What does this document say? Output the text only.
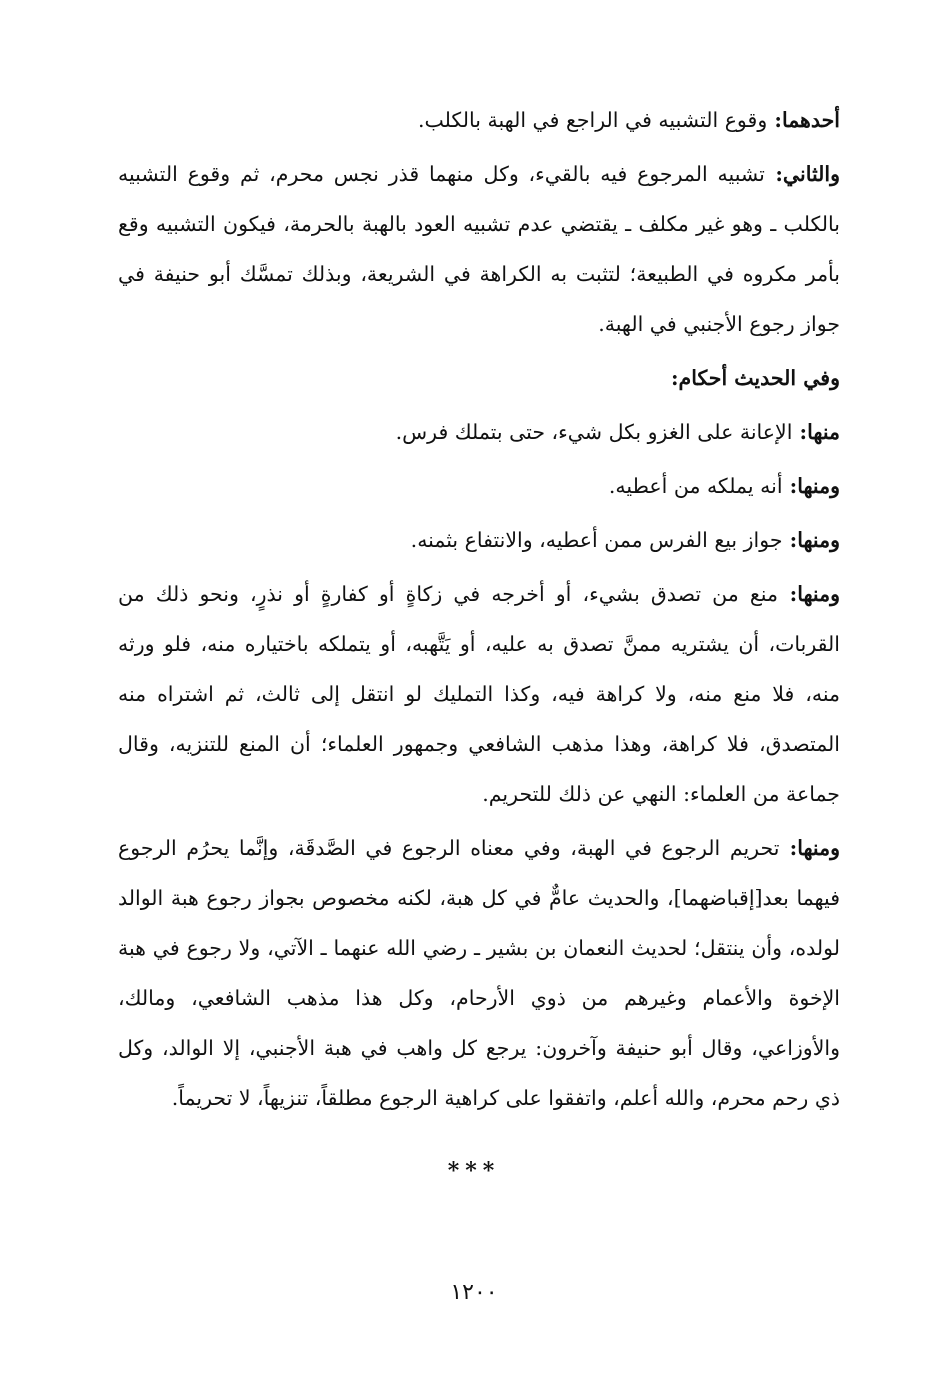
أحدهما: وقوع التشبيه في الراجع في الهبة بالكلب.

والثاني: تشبيه المرجوع فيه بالقيء، وكل منهما قذر نجس محرم، ثم وقوع التشبيه بالكلب ـ وهو غير مكلف ـ يقتضي عدم تشبيه العود بالهبة بالحرمة، فيكون التشبيه وقع بأمر مكروه في الطبيعة؛ لتثبت به الكراهة في الشريعة، وبذلك تمسَّك أبو حنيفة في جواز رجوع الأجنبي في الهبة.

وفي الحديث أحكام:

منها: الإعانة على الغزو بكل شيء، حتى بتملك فرس.

ومنها: أنه يملكه من أعطيه.

ومنها: جواز بيع الفرس ممن أعطيه، والانتفاع بثمنه.

ومنها: منع من تصدق بشيء، أو أخرجه في زكاةٍ أو كفارةٍ أو نذرٍ، ونحو ذلك من القربات، أن يشتريه ممنَّ تصدق به عليه، أو يَتَّهبه، أو يتملكه باختياره منه، فلو ورثه منه، فلا منع منه، ولا كراهة فيه، وكذا التمليك لو انتقل إلى ثالث، ثم اشتراه منه المتصدق، فلا كراهة، وهذا مذهب الشافعي وجمهور العلماء؛ أن المنع للتنزيه، وقال جماعة من العلماء: النهي عن ذلك للتحريم.

ومنها: تحريم الرجوع في الهبة، وفي معناه الرجوع في الصَّدقَة، وإنَّما يحرُم الرجوع فيهما بعد[إقباضهما]، والحديث عامٌّ في كل هبة، لكنه مخصوص بجواز رجوع هبة الوالد لولده، وأن ينتقل؛ لحديث النعمان بن بشير ـ رضي الله عنهما ـ الآتي، ولا رجوع في هبة الإخوة والأعمام وغيرهم من ذوي الأرحام، وكل هذا مذهب الشافعي، ومالك، والأوزاعي، وقال أبو حنيفة وآخرون: يرجع كل واهب في هبة الأجنبي، إلا الوالد، وكل ذي رحم محرم، والله أعلم، واتفقوا على كراهية الرجوع مطلقاً، تنزيهاً، لا تحريماً.

***
١٢٠٠
